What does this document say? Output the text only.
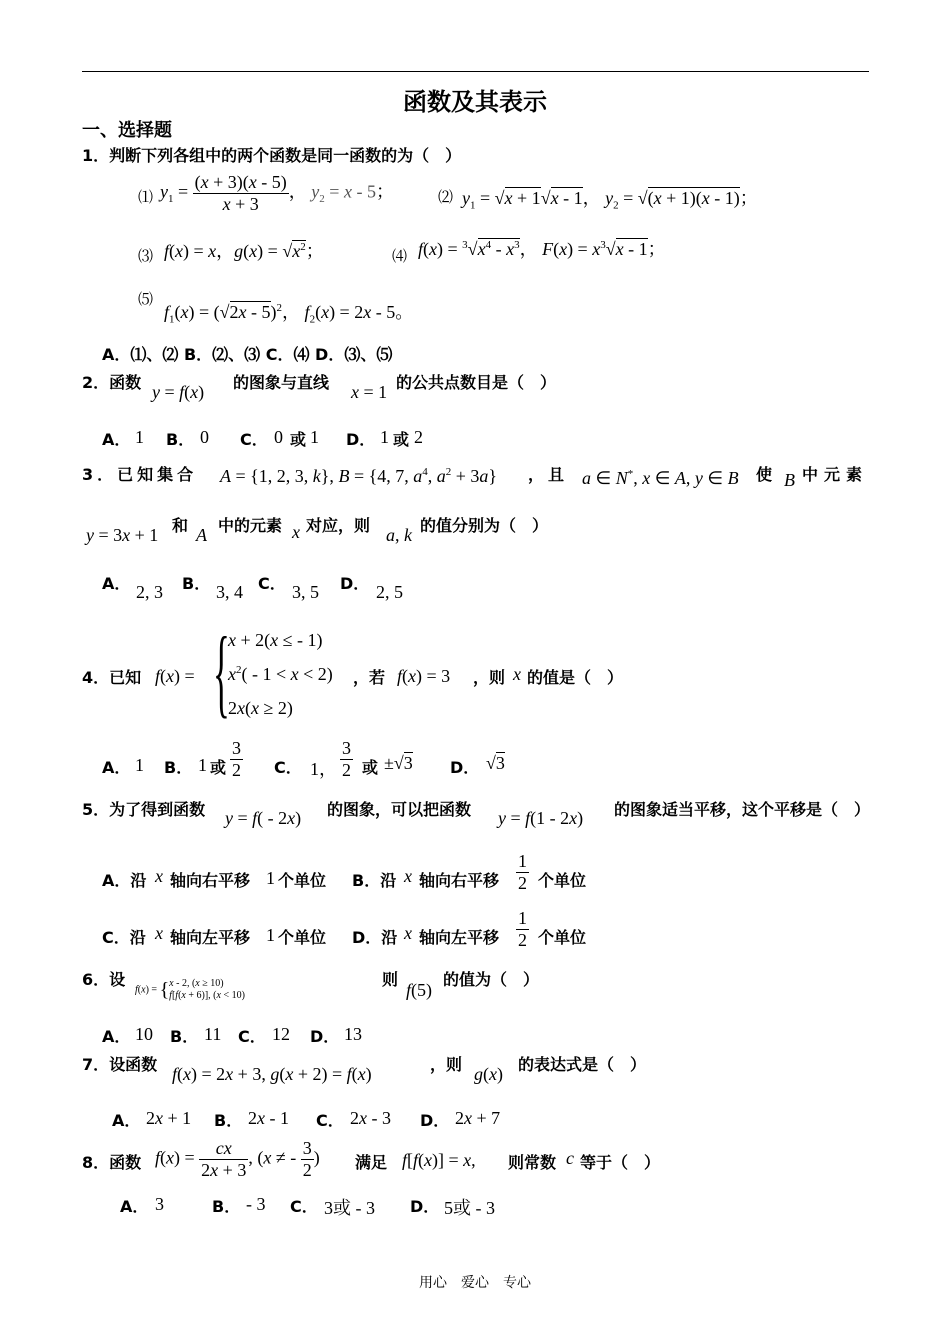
函数及其表示
一、选择题
1．判断下列各组中的两个函数是同一函数的为（　）
⑴ $y_1 = \frac{(x + 3)(x - 5)}{x + 3}$ ， $y_2 = x - 5$；	⑵ $y_1 = √x + 1√x - 1$， $y_2 = √(x + 1)(x - 1)$；
⑶ f(x) = x，$g(x) = √x^2$；	⑷ $f(x) = ^3√x^4 - x^3$， $F(x) = x^3√x - 1$；
⑸
$f_1(x) = (√2x - 5)^2$， $f_2(x) = 2x - 5$。
A．⑴、⑵ B．⑵、⑶ C．⑷ D．⑶、⑸
2．函数 y = f(x) 的图象与直线 x = 1 的公共点数目是（　）
A． 1 B． 0 C． 0 或 1 D． 1 或 2
3．已知集合 A = {1, 2, 3, k}, B = {4, 7, $a^4$, $a^2 + 3a$} ，且 a ∈ N*, x ∈ A, y ∈ B 使 B 中元素
y = 3x + 1 和 A 中的元素 x 对应，则 a, k 的值分别为（　）
A． 2, 3 B． 3, 4 C． 3, 5 D． 2, 5
4．已知 f(x) = {
x + 2(x ≤ - 1)
$x^2( - 1 < x < 2)$
2x(x ≥ 2)
，若 f(x) = 3 ，则 x 的值是（　）
A． 1 B． 1 或 $\frac{3}{2}$ C． 1， $\frac{3}{2}$ 或 ±√3 D． √3
5．为了得到函数 y = f( - 2x) 的图象，可以把函数 y = f(1 - 2x) 的图象适当平移，这个平移是（　）
A．沿 x 轴向右平移 1 个单位 B．沿 x 轴向右平移 $\frac{1}{2}$ 个单位
C．沿 x 轴向左平移 1 个单位 D．沿 x 轴向左平移 $\frac{1}{2}$ 个单位
6．设
f(x) = {x - 2, (x ≥ 10)
f[f(x + 6)], (x < 10)
则
f(5)
的值为（　）
A． 10 B． 11 C． 12 D． 13
7．设函数 f(x) = 2x + 3, g(x + 2) = f(x)	，则 g(x) 的表达式是（　）
A． 2x + 1 B． 2x - 1 C． 2x - 3 D． 2x + 7
8．函数 $f(x) = \frac{cx}{2x + 3}$ , (x ≠ - $\frac{3}{2}$ ) 满足 f[f(x)] = x, 则常数 c 等于（　）
A． 3	B． - 3 C． 3或 - 3 D． 5或 - 3
用心　爱心　专心
